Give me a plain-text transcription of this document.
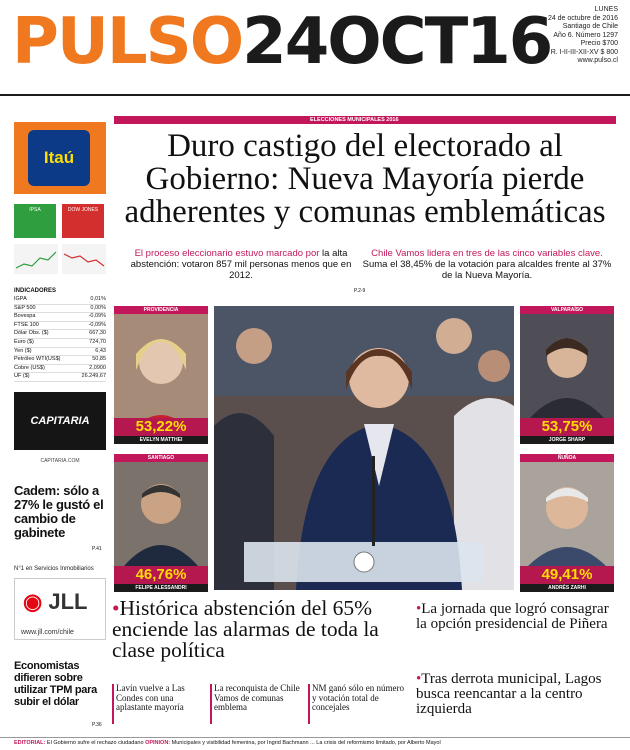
PULSO24OCT16	LUNES
24 de octubre de 2016
Santiago de Chile
Año 6. Número 1297
Precio $700
R. I-II-III-XII-XV $ 800
www.pulso.cl
Itaú
IPSA	DOW JONES
INDICADORES
IGPA	0,01%
S&P 500	0,00%
Bovespa	-0,09%
FTSE 100	-0,09%
Dólar Obs. ($)	667,30
Euro ($)	724,70
Yen ($)	6,43
Petróleo WTI(US$)	50,85
Cobre (US$)	2,0900
UF ($)	26.249,67
CAPITARIA
CAPITARIA.COM
Cadem: sólo a 27% le gustó el cambio de gabinete
P.41
N°1 en Servicios Inmobiliarios
◉ JLL
www.jll.com/chile
Economistas difieren sobre utilizar TPM para subir el dólar
P.36
ELECCIONES MUNICIPALES 2016
Duro castigo del electorado al Gobierno: Nueva Mayoría pierde adherentes y comunas emblemáticas
El proceso eleccionario estuvo marcado por la alta abstención: votaron 857 mil personas menos que en 2012.
Chile Vamos lidera en tres de las cinco variables clave. Suma el 38,45% de la votación para alcaldes frente al 37% de la Nueva Mayoría.
P.2-9
PROVIDENCIA
53,22%
EVELYN MATTHEI
SANTIAGO
46,76%
FELIPE ALESSANDRI
VALPARAÍSO
53,75%
JORGE SHARP
ÑUÑOA
49,41%
ANDRÉS ZARHI
•Histórica abstención del 65% enciende las alarmas de toda la clase política
Lavín vuelve a Las Condes con una aplastante mayoría
La reconquista de Chile Vamos de comunas emblema
NM ganó sólo en número y votación total de concejales
•La jornada que logró consagrar la opción presidencial de Piñera
•Tras derrota municipal, Lagos busca reencantar a la centro izquierda
EDITORIAL: El Gobierno sufre el rechazo ciudadano OPINIÓN: Municipales y visibilidad femenina, por Ingrid Bachmann ... La crisis del reformismo limitado, por Alberto Mayol
